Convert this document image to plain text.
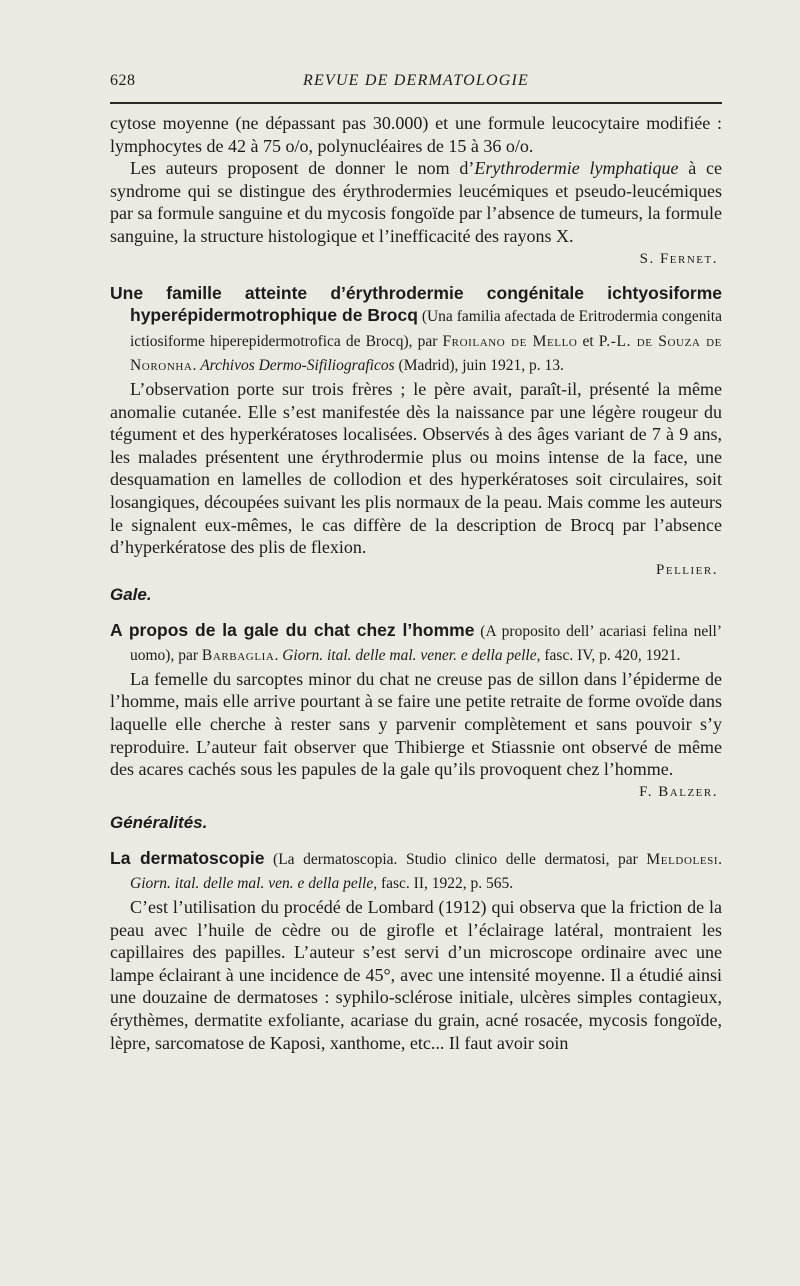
628	REVUE DE DERMATOLOGIE

cytose moyenne (ne dépassant pas 30.000) et une formule leucocytaire modifiée : lymphocytes de 42 à 75 o/o, polynucléaires de 15 à 36 o/o.

Les auteurs proposent de donner le nom d’Erythrodermie lymphatique à ce syndrome qui se distingue des érythrodermies leucémiques et pseudo-leucémiques par sa formule sanguine et du mycosis fongoïde par l’absence de tumeurs, la formule sanguine, la structure histologique et l’inefficacité des rayons X.

S. Fernet.

Une famille atteinte d’érythrodermie congénitale ichtyosiforme hyperépidermotrophique de Brocq (Una familia afectada de Eritrodermia congenita ictiosiforme hiperepidermotrofica de Brocq), par Froilano de Mello et P.-L. de Souza de Noronha. Archivos Dermo-Sifiliograficos (Madrid), juin 1921, p. 13.

L’observation porte sur trois frères ; le père avait, paraît-il, présenté la même anomalie cutanée. Elle s’est manifestée dès la naissance par une légère rougeur du tégument et des hyperkératoses localisées. Observés à des âges variant de 7 à 9 ans, les malades présentent une érythrodermie plus ou moins intense de la face, une desquamation en lamelles de collodion et des hyperkératoses soit circulaires, soit losangiques, découpées suivant les plis normaux de la peau. Mais comme les auteurs le signalent eux-mêmes, le cas diffère de la description de Brocq par l’absence d’hyperkératose des plis de flexion.

Pellier.
Gale.

A propos de la gale du chat chez l’homme (A proposito dell’ acariasi felina nell’ uomo), par Barbaglia. Giorn. ital. delle mal. vener. e della pelle, fasc. IV, p. 420, 1921.

La femelle du sarcoptes minor du chat ne creuse pas de sillon dans l’épiderme de l’homme, mais elle arrive pourtant à se faire une petite retraite de forme ovoïde dans laquelle elle cherche à rester sans y parvenir complètement et sans pouvoir s’y reproduire. L’auteur fait observer que Thibierge et Stiassnie ont observé de même des acares cachés sous les papules de la gale qu’ils provoquent chez l’homme.

F. Balzer.
Généralités.

La dermatoscopie (La dermatoscopia. Studio clinico delle dermatosi, par Meldolesi. Giorn. ital. delle mal. ven. e della pelle, fasc. II, 1922, p. 565.

C’est l’utilisation du procédé de Lombard (1912) qui observa que la friction de la peau avec l’huile de cèdre ou de girofle et l’éclairage latéral, montraient les capillaires des papilles. L’auteur s’est servi d’un microscope ordinaire avec une lampe éclairant à une incidence de 45°, avec une intensité moyenne. Il a étudié ainsi une douzaine de dermatoses : syphilo-sclérose initiale, ulcères simples contagieux, érythèmes, dermatite exfoliante, acariase du grain, acné rosacée, mycosis fongoïde, lèpre, sarcomatose de Kaposi, xanthome, etc... Il faut avoir soin
